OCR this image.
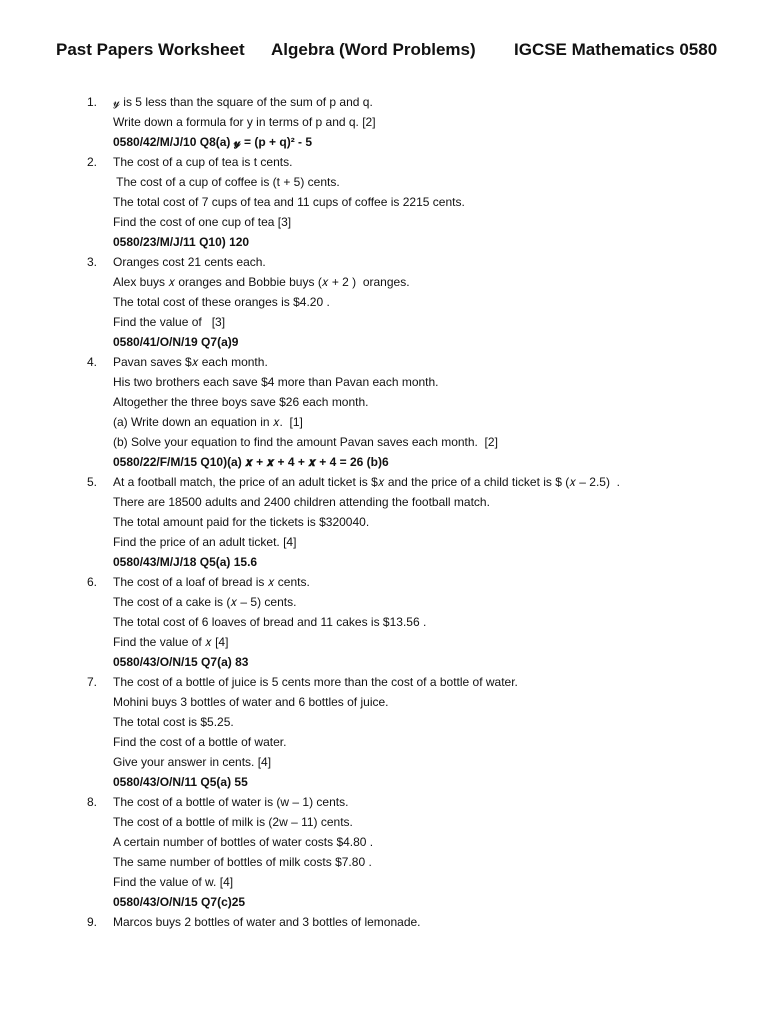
Past Papers Worksheet Algebra (Word Problems) IGCSE Mathematics 0580
1.	𝓎 is 5 less than the square of the sum of p and q.
Write down a formula for y in terms of p and q. [2]
0580/42/M/J/10 Q8(a) 𝓎 = (p + q)² - 5
2.	The cost of a cup of tea is t cents.
The cost of a cup of coffee is (t + 5) cents.
The total cost of 7 cups of tea and 11 cups of coffee is 2215 cents.
Find the cost of one cup of tea [3]
0580/23/M/J/11 Q10) 120
3.	Oranges cost 21 cents each.
Alex buys 𝑥 oranges and Bobbie buys (𝑥 + 2 )  oranges.
The total cost of these oranges is $4.20 .
Find the value of   [3]
0580/41/O/N/19 Q7(a)9
4.	Pavan saves $𝑥 each month.
His two brothers each save $4 more than Pavan each month.
Altogether the three boys save $26 each month.
(a) Write down an equation in 𝑥.  [1]
(b) Solve your equation to find the amount Pavan saves each month.  [2]
0580/22/F/M/15 Q10)(a) 𝒙 + 𝒙 + 4 + 𝒙 + 4 = 26 (b)6
5.	At a football match, the price of an adult ticket is $𝑥 and the price of a child ticket is $ (𝑥 – 2.5)  .
There are 18500 adults and 2400 children attending the football match.
The total amount paid for the tickets is $320040.
Find the price of an adult ticket. [4]
0580/43/M/J/18 Q5(a) 15.6
6.	The cost of a loaf of bread is 𝑥 cents.
The cost of a cake is (𝑥 – 5) cents.
The total cost of 6 loaves of bread and 11 cakes is $13.56 .
Find the value of 𝑥 [4]
0580/43/O/N/15 Q7(a) 83
7.	The cost of a bottle of juice is 5 cents more than the cost of a bottle of water.
Mohini buys 3 bottles of water and 6 bottles of juice.
The total cost is $5.25.
Find the cost of a bottle of water.
Give your answer in cents. [4]
0580/43/O/N/11 Q5(a) 55
8.	The cost of a bottle of water is (w – 1) cents.
The cost of a bottle of milk is (2w – 11) cents.
A certain number of bottles of water costs $4.80 .
The same number of bottles of milk costs $7.80 .
Find the value of w. [4]
0580/43/O/N/15 Q7(c)25
9.	Marcos buys 2 bottles of water and 3 bottles of lemonade.
